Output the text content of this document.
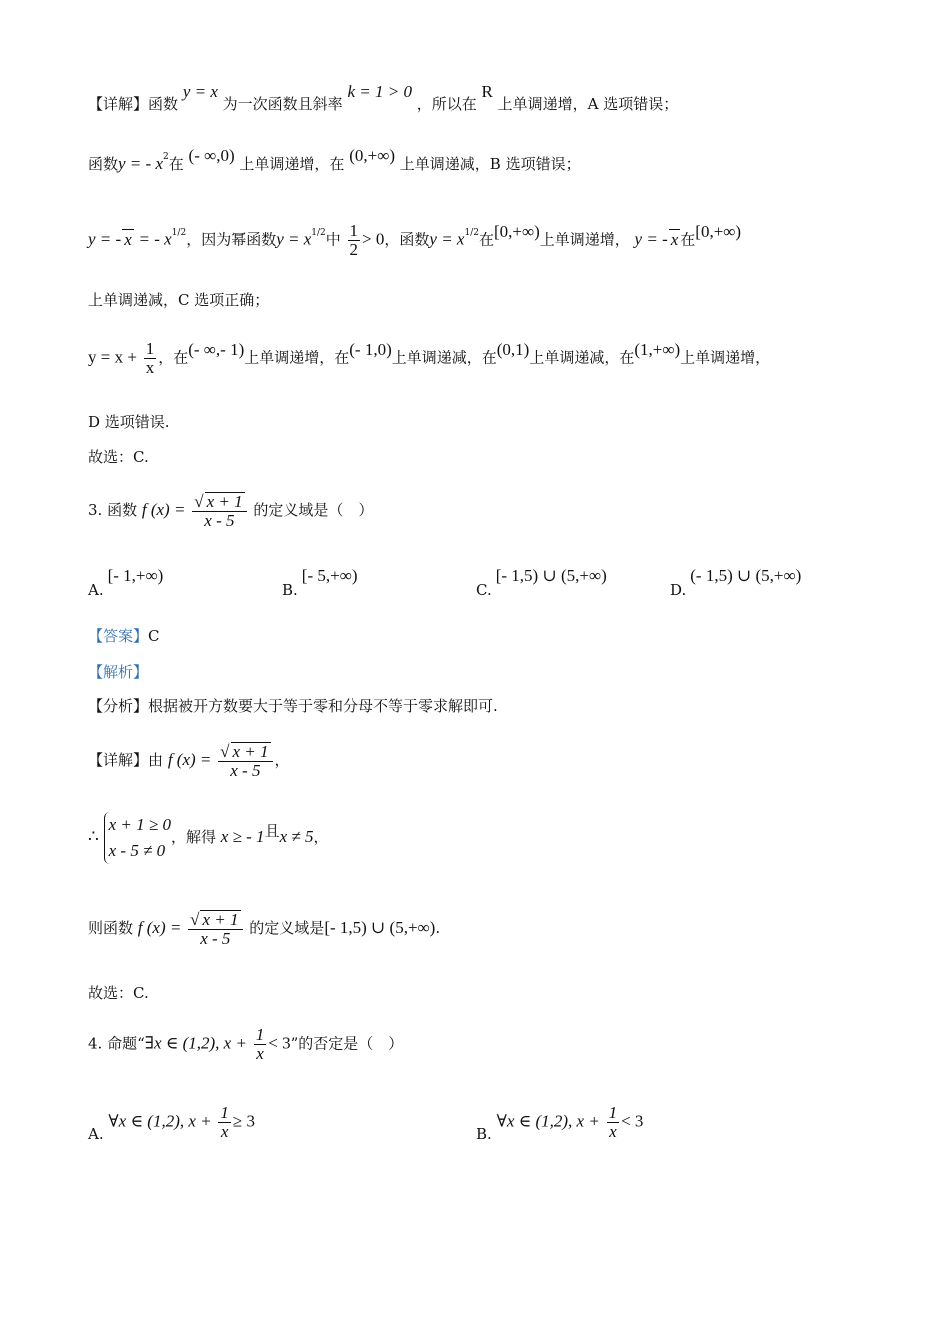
【详解】函数 y = x 为一次函数且斜率 k = 1 > 0 ，所以在 R 上单调递增，A 选项错误；
函数y = - $x^2$在 (- ∞,0) 上单调递增，在 (0,+∞) 上单调递减，B 选项错误；
y = - x = - $x^{1/2}$，因为幂函数$y = x^{1/2}$中 $\frac{1}{2} > 0$，函数$y = x^{1/2}$在[0,+∞)上单调递增， y = - x 在[0,+∞)
上单调递减，C 选项正确；
$y = x + \frac{1}{x}$ ，在(- ∞,- 1)上单调递增，在(- 1,0)上单调递减，在(0,1)上单调递减，在(1,+∞)上单调递增，
D 选项错误.
故选：C.
3. 函数 f $(x) = \frac{√ x + 1}{x - 5}$ 的定义域是（　）
A.[- 1,+∞)
B.[- 5,+∞)
C.[- 1,5) ∪ (5,+∞)
D.(- 1,5) ∪ (5,+∞)
【答案】C
【解析】
【分析】根据被开方数要大于等于零和分母不等于零求解即可.
【详解】由 f $(x) = \frac{√ x + 1}{x - 5}$ ，
∴
x + 1 ≥ 0
x - 5 ≠ 0
，解得 x ≥ - 1且x ≠ 5，
则函数 f $(x) = \frac{√ x + 1}{x - 5}$ 的定义域是[- 1,5) ∪ (5,+∞).
故选：C.
4. 命题“∃x ∈ (1,2), $x + \frac{1}{x} < 3$”的否定是（　）
A. ∀x ∈ (1,2), $x + \frac{1}{x} \ge 3$
B. ∀x ∈ (1,2), $x + \frac{1}{x} < 3$
